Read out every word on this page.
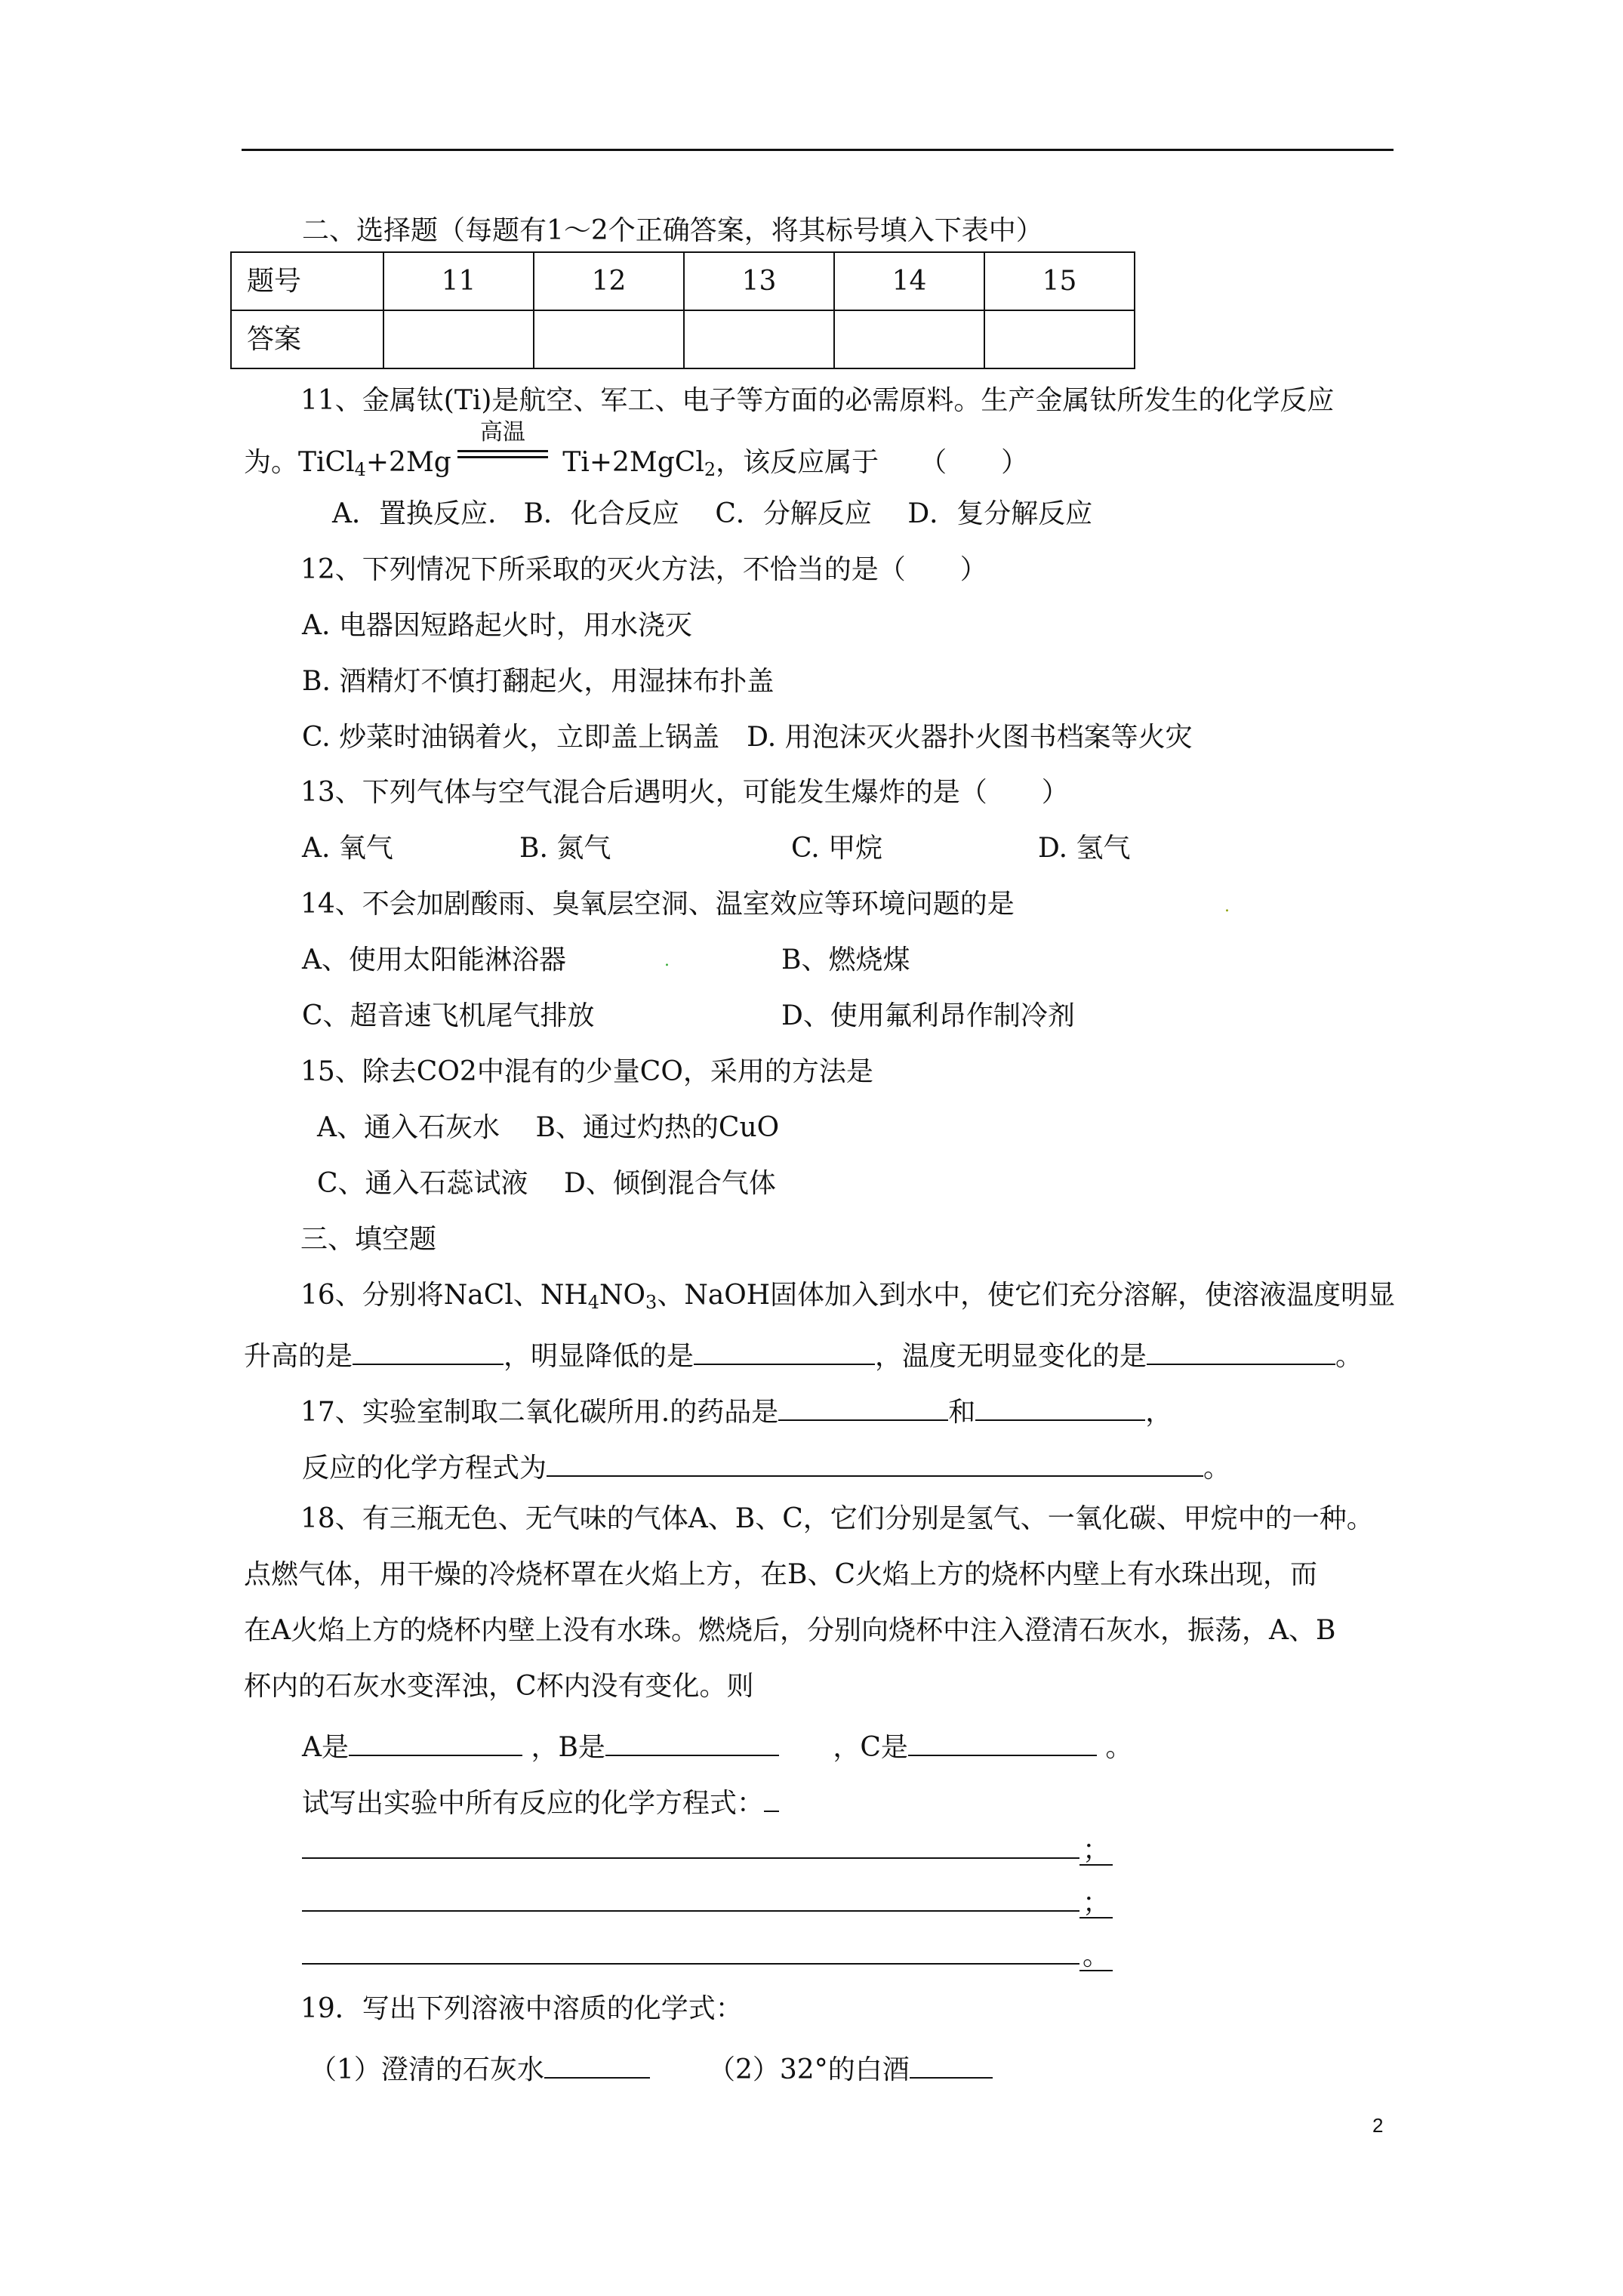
二、选择题（每题有1～2个正确答案，将其标号填入下表中）
题号	11	12	13	14	15
答案					
11、金属钛(Ti)是航空、军工、电子等方面的必需原料。生产金属钛所发生的化学反应
为。TiCl$_4$+2Mg
高温
Ti+2MgCl$_2$，该反应属于　　（　　）
A．置换反应.　B．化合反应　 C．分解反应　 D．复分解反应
12、下列情况下所采取的灭火方法，不恰当的是（　　）
A. 电器因短路起火时，用水浇灭
B. 酒精灯不慎打翻起火，用湿抹布扑盖
C. 炒菜时油锅着火，立即盖上锅盖　D. 用泡沫灭火器扑火图书档案等火灾
13、下列气体与空气混合后遇明火，可能发生爆炸的是（　　）
A. 氧气	B. 氮气	C. 甲烷	D. 氢气
14、不会加剧酸雨、臭氧层空洞、温室效应等环境问题的是	.
A、使用太阳能淋浴器	.	B、燃烧煤
C、超音速飞机尾气排放	D、使用氟利昂作制冷剂
15、除去CO2中混有的少量CO，采用的方法是
A、通入石灰水　 B、通过灼热的CuO
C、通入石蕊试液　 D、倾倒混合气体
三、填空题
16、分别将NaCl、$NH_4NO_3$、NaOH固体加入到水中，使它们充分溶解，使溶液温度明显
升高的是	，明显降低的是	，温度无明显变化的是	。
17、实验室制取二氧化碳所用.的药品是	和	，
反应的化学方程式为	。
18、有三瓶无色、无气味的气体A、B、C，它们分别是氢气、一氧化碳、甲烷中的一种。
点燃气体，用干燥的冷烧杯罩在火焰上方，在B、C火焰上方的烧杯内壁上有水珠出现，而
在A火焰上方的烧杯内壁上没有水珠。燃烧后，分别向烧杯中注入澄清石灰水，振荡，A、B
杯内的石灰水变浑浊，C杯内没有变化。则
A是	，B是	，C是	。
试写出实验中所有反应的化学方程式：
；
；
。
19．写出下列溶液中溶质的化学式：
（1）澄清的石灰水	（2）32°的白酒
2
